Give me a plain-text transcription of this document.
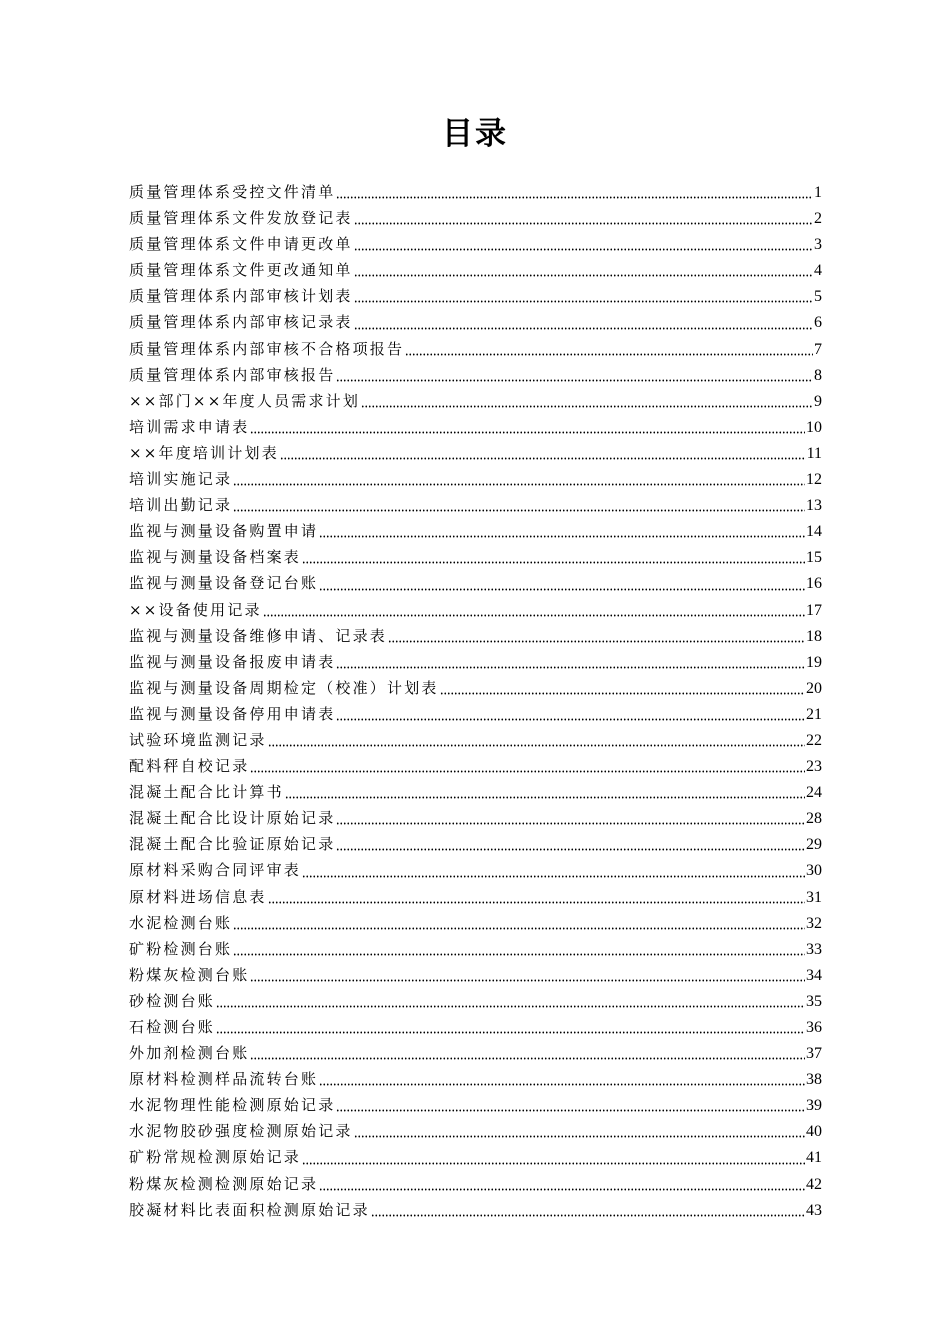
目录
质量管理体系受控文件清单	1
质量管理体系文件发放登记表	2
质量管理体系文件申请更改单	3
质量管理体系文件更改通知单	4
质量管理体系内部审核计划表	5
质量管理体系内部审核记录表	6
质量管理体系内部审核不合格项报告	7
质量管理体系内部审核报告	8
××部门××年度人员需求计划	9
培训需求申请表	10
××年度培训计划表	11
培训实施记录	12
培训出勤记录	13
监视与测量设备购置申请	14
监视与测量设备档案表	15
监视与测量设备登记台账	16
××设备使用记录	17
监视与测量设备维修申请、记录表	18
监视与测量设备报废申请表	19
监视与测量设备周期检定（校准）计划表	20
监视与测量设备停用申请表	21
试验环境监测记录	22
配料秤自校记录	23
混凝土配合比计算书	24
混凝土配合比设计原始记录	28
混凝土配合比验证原始记录	29
原材料采购合同评审表	30
原材料进场信息表	31
水泥检测台账	32
矿粉检测台账	33
粉煤灰检测台账	34
砂检测台账	35
石检测台账	36
外加剂检测台账	37
原材料检测样品流转台账	38
水泥物理性能检测原始记录	39
水泥物胶砂强度检测原始记录	40
矿粉常规检测原始记录	41
粉煤灰检测检测原始记录	42
胶凝材料比表面积检测原始记录	43
